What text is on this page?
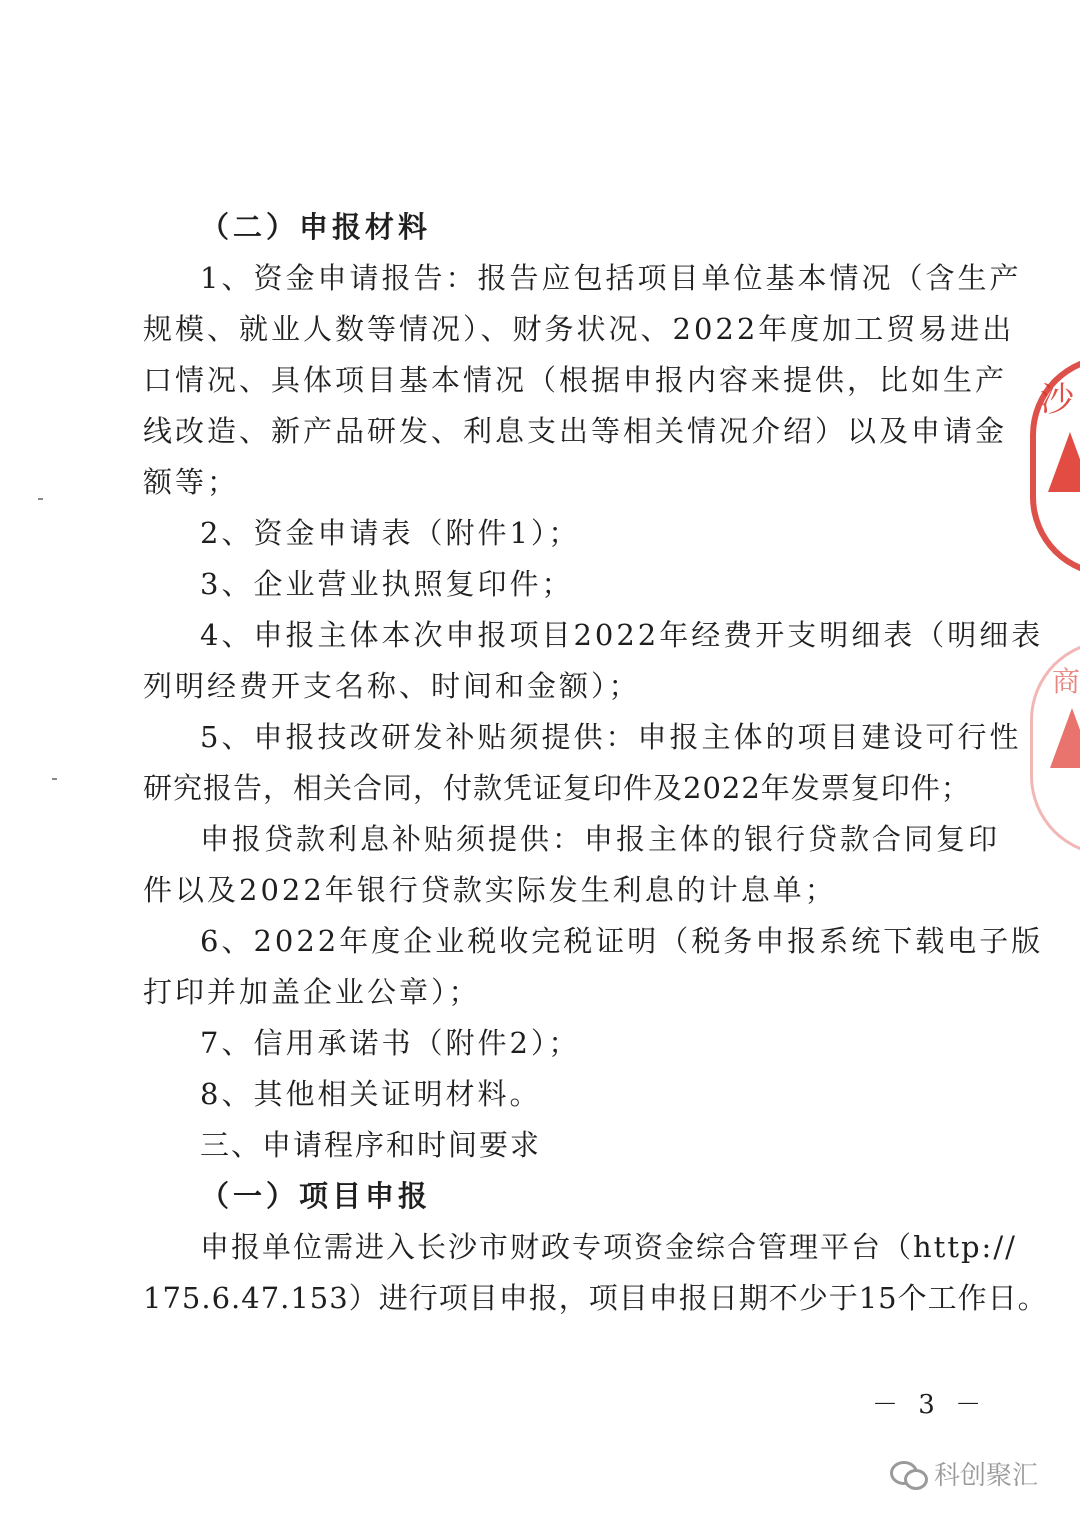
（二）申报材料
1、资金申请报告：报告应包括项目单位基本情况（含生产
规模、就业人数等情况）、财务状况、2022年度加工贸易进出
口情况、具体项目基本情况（根据申报内容来提供，比如生产
线改造、新产品研发、利息支出等相关情况介绍）以及申请金
额等；
2、资金申请表（附件1）；
3、企业营业执照复印件；
4、申报主体本次申报项目2022年经费开支明细表（明细表
列明经费开支名称、时间和金额）；
5、申报技改研发补贴须提供：申报主体的项目建设可行性
研究报告，相关合同，付款凭证复印件及2022年发票复印件；
申报贷款利息补贴须提供：申报主体的银行贷款合同复印
件以及2022年银行贷款实际发生利息的计息单；
6、2022年度企业税收完税证明（税务申报系统下载电子版
打印并加盖企业公章）；
7、信用承诺书（附件2）；
8、其他相关证明材料。
三、申请程序和时间要求
（一）项目申报
申报单位需进入长沙市财政专项资金综合管理平台（http://
175.6.47.153）进行项目申报，项目申报日期不少于15个工作日。
－ 3 －
沙
商
科创聚汇
